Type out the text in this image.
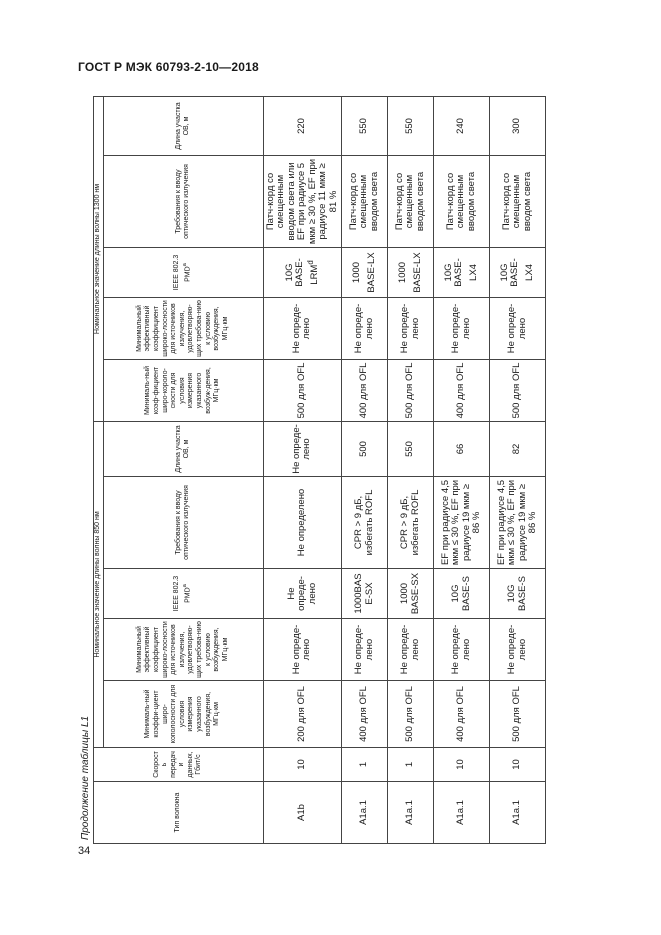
ГОСТ Р МЭК 60793-2-10—2018
Продолжение таблицы L1	Тип волокна	Скорость передачи данных, Гбит/с	Номинальное значение длины волны 850 нм					Номинальное значение длины волны 1300 нм				
		Минималь-ный коэффи-циент широ-кополосности для условия измерения указанного возбуждения, МГц·км	Минимальный эффективный коэффициент широко-лосности для источников излучения, удовлетворяю-щих требова-нию к условию возбуждения, МГц·км	IEEE 802.3 PMD$^a$	Требования к вводу оптического излучения	Длина участка ОВ, м	Минималь-ный коэф-фициент широ-кopоло-сности для условия измерения указанного возбуж-дения, МГц·км	Минимальный эффективный коэффициент широко-лосности для источников излучения, удовлетворяю-щих требова-нию к условию возбуждения, МГц·км	IEEE 802.3 PMD$^a$	Требования к вводу оптического излучения	Длина участка ОВ, м
A1b	10	200 для OFL	Не опреде-лено	Не опреде-лено	Не определено	Не опреде-лено	500 для OFL	Не опреде-лено	10G BASE-LRM$^d$	Патч-корд со смещенным вводом света или EF при радиусе 5 мкм ≥ 30 %, EF при радиусе 11 мкм ≥ 81 %	220
A1a.1	1	400 для OFL	Не опреде-лено	1000BASE-SX	CPR > 9 дБ, избегать ROFL	500	400 для OFL	Не опреде-лено	1000 BASE-LX	Патч-корд со смещенным вводом света	550
A1a.1	1	500 для OFL	Не опреде-лено	1000 BASE-SX	CPR > 9 дБ, избегать ROFL	550	500 для OFL	Не опреде-лено	1000 BASE-LX	Патч-корд со смещенным вводом света	550
A1a.1	10	400 для OFL	Не опреде-лено	10G BASE-S	EF при радиусе 4,5 мкм ≤ 30 %, EF при радиусе 19 мкм ≥ 86 %	66	400 для OFL	Не опреде-лено	10G BASE-LX4	Патч-корд со смещенным вводом света	240
A1a.1	10	500 для OFL	Не опреде-лено	10G BASE-S	EF при радиусе 4,5 мкм ≤ 30 %, EF при радиусе 19 мкм ≥ 86 %	82	500 для OFL	Не опреде-лено	10G BASE-LX4	Патч-корд со смещенным вводом света	300
34
